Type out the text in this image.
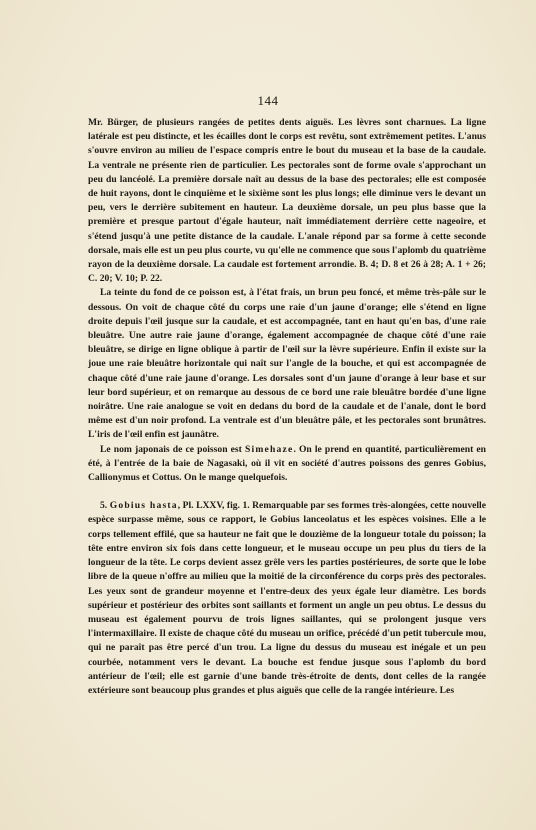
144

Mr. Bürger, de plusieurs rangées de petites dents aiguës. Les lèvres sont charnues. La ligne latérale est peu distincte, et les écailles dont le corps est revêtu, sont extrêmement petites. L'anus s'ouvre environ au milieu de l'espace compris entre le bout du museau et la base de la caudale. La ventrale ne présente rien de particulier. Les pectorales sont de forme ovale s'approchant un peu du lancéolé. La première dorsale naît au dessus de la base des pectorales; elle est composée de huit rayons, dont le cinquième et le sixième sont les plus longs; elle diminue vers le devant un peu, vers le derrière subitement en hauteur. La deuxième dorsale, un peu plus basse que la première et presque partout d'égale hauteur, naît immédiatement derrière cette nageoire, et s'étend jusqu'à une petite distance de la caudale. L'anale répond par sa forme à cette seconde dorsale, mais elle est un peu plus courte, vu qu'elle ne commence que sous l'aplomb du quatrième rayon de la deuxième dorsale. La caudale est fortement arrondie. B. 4; D. 8 et 26 à 28; A. 1 + 26; C. 20; V. 10; P. 22.

La teinte du fond de ce poisson est, à l'état frais, un brun peu foncé, et même très-pâle sur le dessous. On voit de chaque côté du corps une raie d'un jaune d'orange; elle s'étend en ligne droite depuis l'œil jusque sur la caudale, et est accompagnée, tant en haut qu'en bas, d'une raie bleuâtre. Une autre raie jaune d'orange, également accompagnée de chaque côté d'une raie bleuâtre, se dirige en ligne oblique à partir de l'œil sur la lèvre supérieure. Enfin il existe sur la joue une raie bleuâtre horizontale qui naît sur l'angle de la bouche, et qui est accompagnée de chaque côté d'une raie jaune d'orange. Les dorsales sont d'un jaune d'orange à leur base et sur leur bord supérieur, et on remarque au dessous de ce bord une raie bleuâtre bordée d'une ligne noirâtre. Une raie analogue se voit en dedans du bord de la caudale et de l'anale, dont le bord même est d'un noir profond. La ventrale est d'un bleuâtre pâle, et les pectorales sont brunâtres. L'iris de l'œil enfin est jaunâtre.

Le nom japonais de ce poisson est Simehaze. On le prend en quantité, particulièrement en été, à l'entrée de la baie de Nagasaki, où il vit en société d'autres poissons des genres Gobius, Callionymus et Cottus. On le mange quelquefois.

5. Gobius hasta, Pl. LXXV, fig. 1. Remarquable par ses formes très-alongées, cette nouvelle espèce surpasse même, sous ce rapport, le Gobius lanceolatus et les espèces voisines. Elle a le corps tellement effilé, que sa hauteur ne fait que le douzième de la longueur totale du poisson; la tête entre environ six fois dans cette longueur, et le museau occupe un peu plus du tiers de la longueur de la tête. Le corps devient assez grêle vers les parties postérieures, de sorte que le lobe libre de la queue n'offre au milieu que la moitié de la circonférence du corps près des pectorales. Les yeux sont de grandeur moyenne et l'entre-deux des yeux égale leur diamètre. Les bords supérieur et postérieur des orbites sont saillants et forment un angle un peu obtus. Le dessus du museau est également pourvu de trois lignes saillantes, qui se prolongent jusque vers l'intermaxillaire. Il existe de chaque côté du museau un orifice, précédé d'un petit tubercule mou, qui ne paraît pas être percé d'un trou. La ligne du dessus du museau est inégale et un peu courbée, notamment vers le devant. La bouche est fendue jusque sous l'aplomb du bord antérieur de l'œil; elle est garnie d'une bande très-étroite de dents, dont celles de la rangée extérieure sont beaucoup plus grandes et plus aiguës que celle de la rangée intérieure. Les
